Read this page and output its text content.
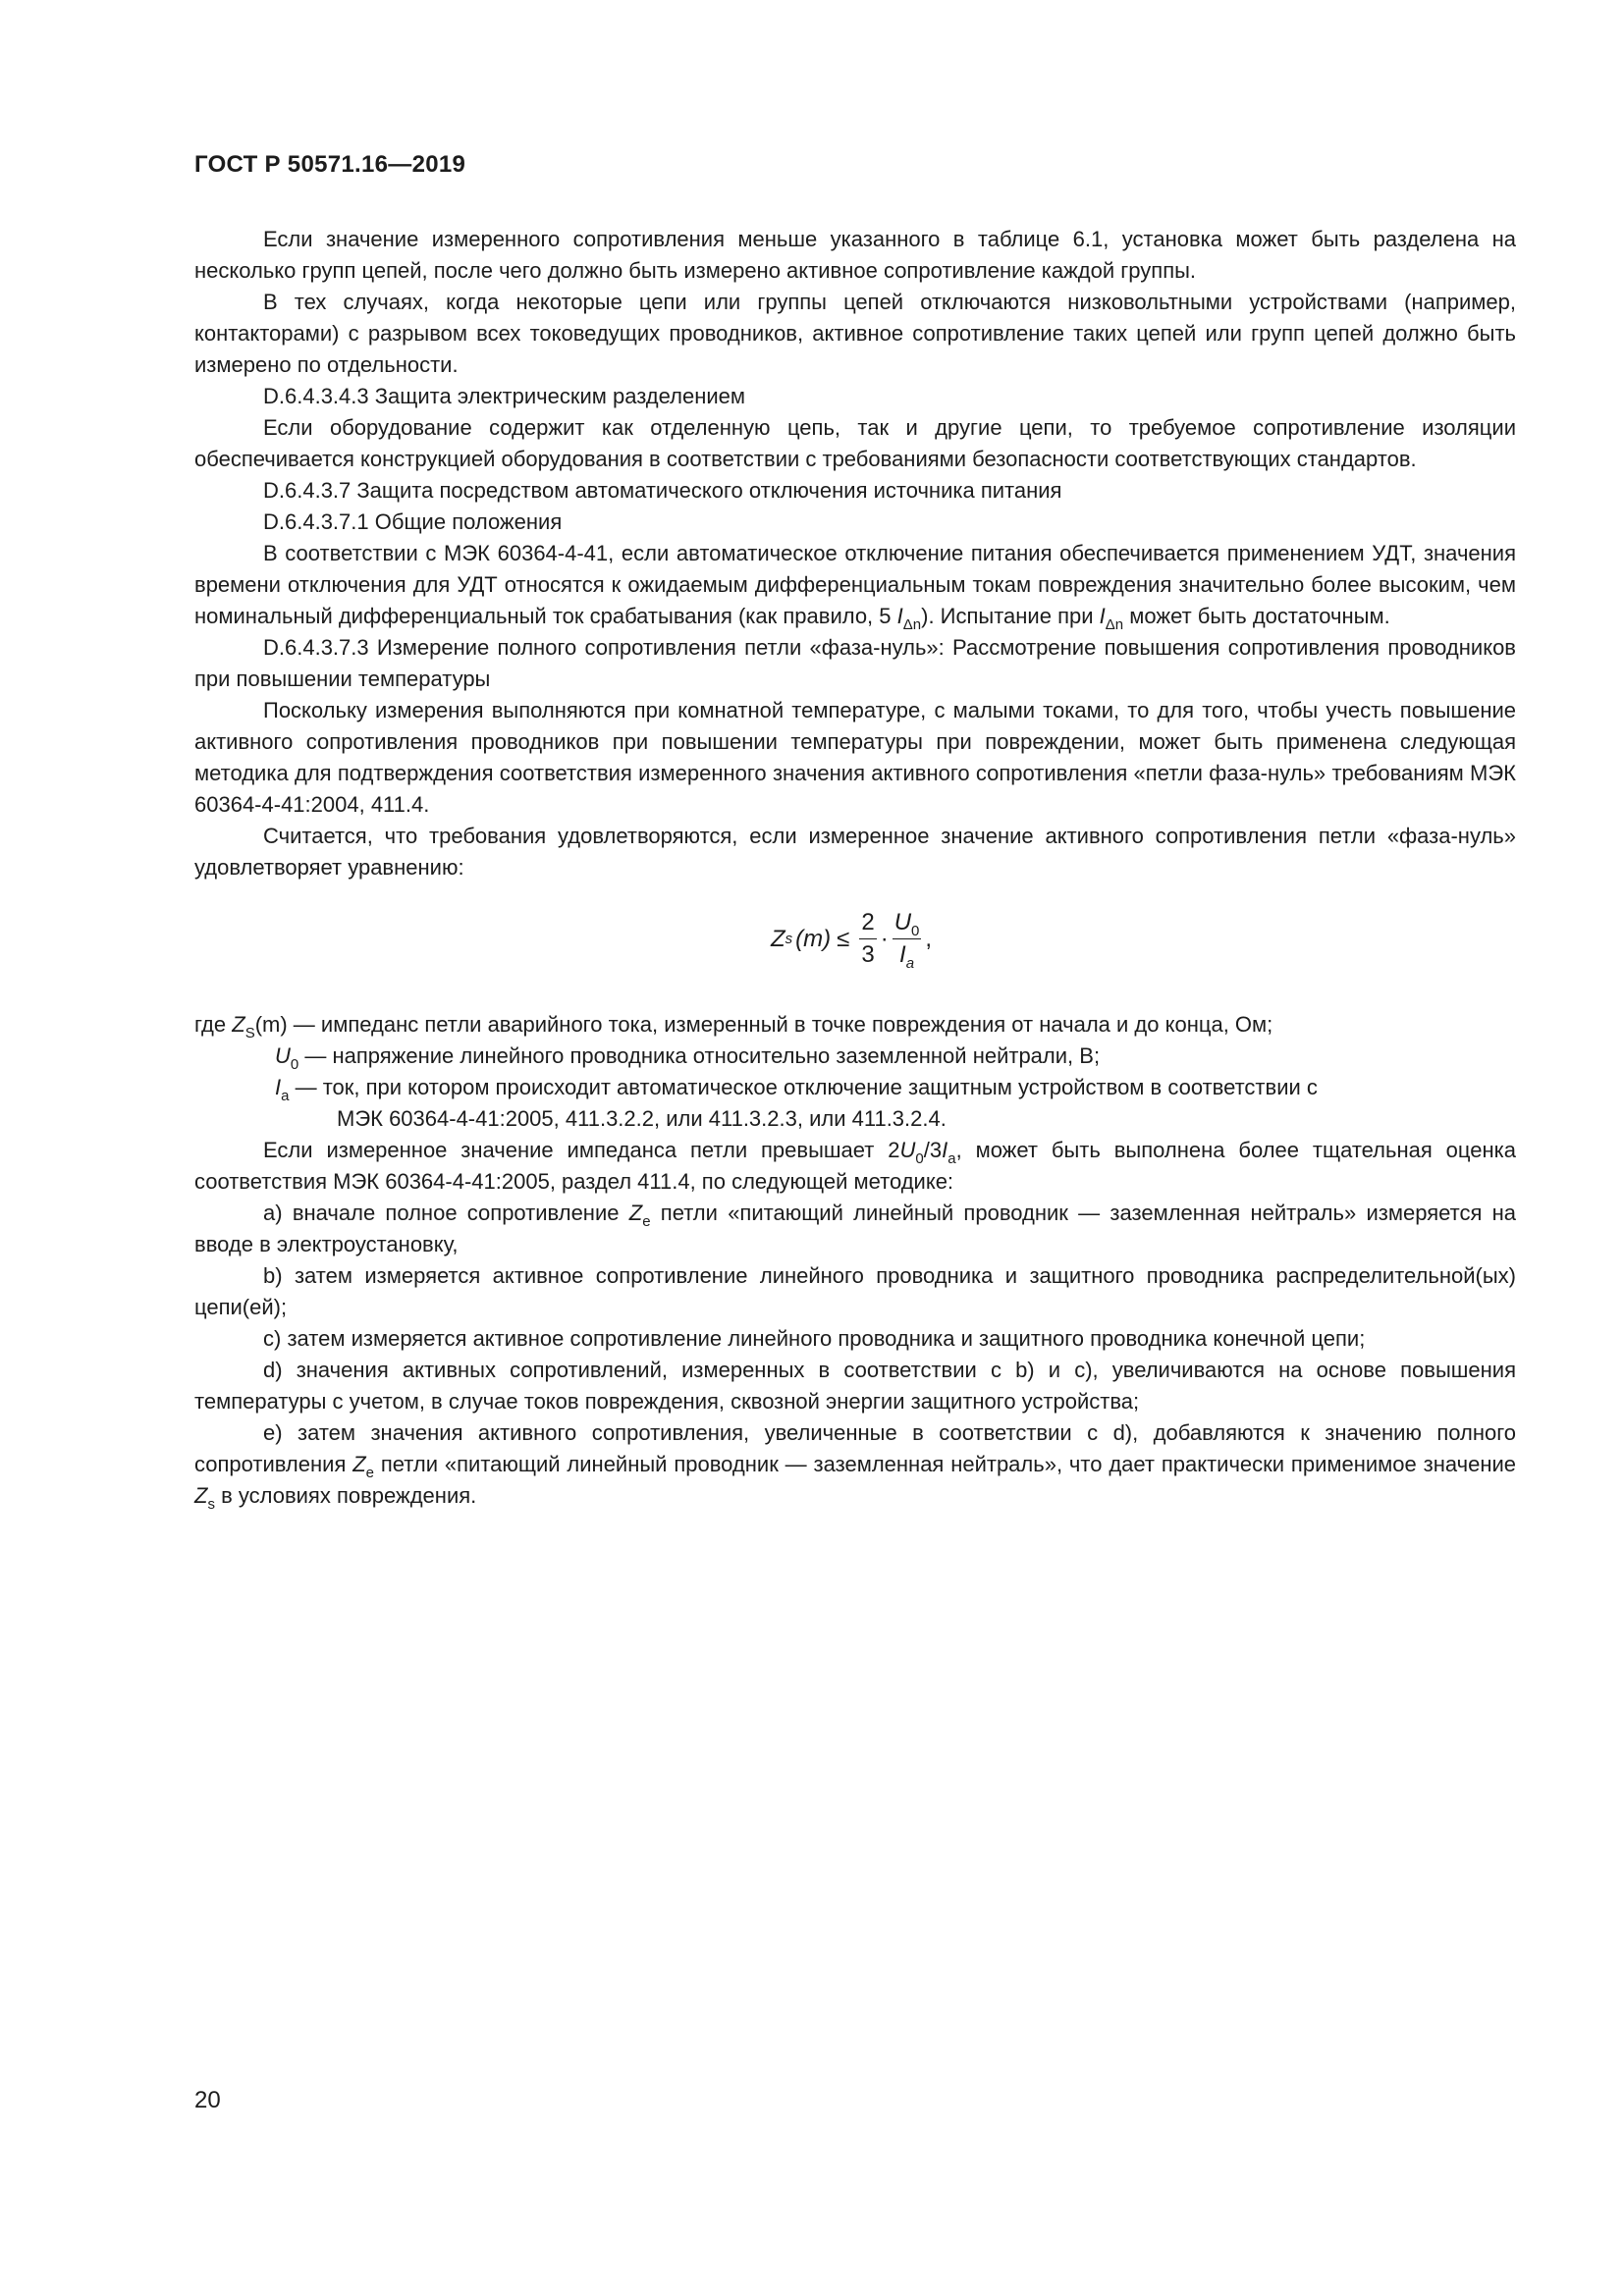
ГОСТ Р 50571.16—2019

Если значение измеренного сопротивления меньше указанного в таблице 6.1, установка может быть разделена на несколько групп цепей, после чего должно быть измерено активное сопротивление каждой группы.

В тех случаях, когда некоторые цепи или группы цепей отключаются низковольтными устройствами (например, контакторами) с разрывом всех токоведущих проводников, активное сопротивление таких цепей или групп цепей должно быть измерено по отдельности.

D.6.4.3.4.3 Защита электрическим разделением

Если оборудование содержит как отделенную цепь, так и другие цепи, то требуемое сопротивление изоляции обеспечивается конструкцией оборудования в соответствии с требованиями безопасности соответствующих стандартов.

D.6.4.3.7 Защита посредством автоматического отключения источника питания

D.6.4.3.7.1 Общие положения

В соответствии с МЭК 60364-4-41, если автоматическое отключение питания обеспечивается применением УДТ, значения времени отключения для УДТ относятся к ожидаемым дифференциальным токам повреждения значительно более высоким, чем номинальный дифференциальный ток срабатывания (как правило, 5 $I_{\Delta n}$). Испытание при $I_{\Delta n}$ может быть достаточным.

D.6.4.3.7.3 Измерение полного сопротивления петли «фаза-нуль»: Рассмотрение повышения сопротивления проводников при повышении температуры

Поскольку измерения выполняются при комнатной температуре, с малыми токами, то для того, чтобы учесть повышение активного сопротивления проводников при повышении температуры при повреждении, может быть применена следующая методика для подтверждения соответствия измеренного значения активного сопротивления «петли фаза-нуль» требованиям МЭК 60364-4-41:2004, 411.4.

Считается, что требования удовлетворяются, если измеренное значение активного сопротивления петли «фаза-нуль» удовлетворяет уравнению:

Z s $(m) \le \frac{2}{3} \cdot \frac{U_0}{I_a}$ ,

где $Z_S(m)$ — импеданс петли аварийного тока, измеренный в точке повреждения от начала и до конца, Ом;

$U_0$ — напряжение линейного проводника относительно заземленной нейтрали, В;

$I_a$ — ток, при котором происходит автоматическое отключение защитным устройством в соответствии с

МЭК 60364-4-41:2005, 411.3.2.2, или 411.3.2.3, или 411.3.2.4.

Если измеренное значение импеданса петли превышает $2U_0/3I_a$, может быть выполнена более тщательная оценка соответствия МЭК 60364-4-41:2005, раздел 411.4, по следующей методике:

a) вначале полное сопротивление $Z_e$ петли «питающий линейный проводник — заземленная нейтраль» измеряется на вводе в электроустановку,

b) затем измеряется активное сопротивление линейного проводника и защитного проводника распределительной(ых) цепи(ей);

c) затем измеряется активное сопротивление линейного проводника и защитного проводника конечной цепи;

d) значения активных сопротивлений, измеренных в соответствии с b) и c), увеличиваются на основе повышения температуры с учетом, в случае токов повреждения, сквозной энергии защитного устройства;

e) затем значения активного сопротивления, увеличенные в соответствии с d), добавляются к значению полного сопротивления $Z_e$ петли «питающий линейный проводник — заземленная нейтраль», что дает практически применимое значение $Z_s$ в условиях повреждения.

20
